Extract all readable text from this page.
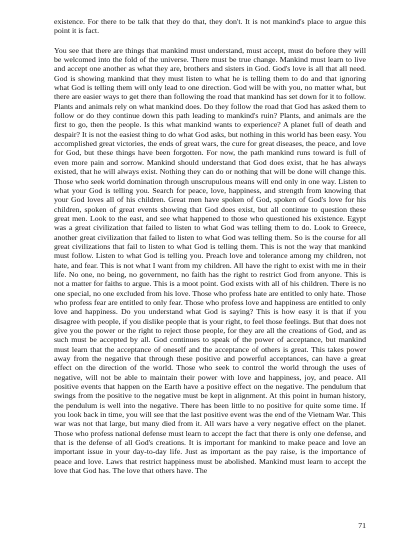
existence. For there to be talk that they do that, they don't. It is not mankind's place to argue this point it is fact.

You see that there are things that mankind must understand, must accept, must do before they will be welcomed into the fold of the universe. There must be true change. Mankind must learn to live and accept one another as what they are, brothers and sisters in God. God's love is all that all need. God is showing mankind that they must listen to what he is telling them to do and that ignoring what God is telling them will only lead to one direction. God will be with you, no matter what, but there are easier ways to get there than following the road that mankind has set down for it to follow. Plants and animals rely on what mankind does. Do they follow the road that God has asked them to follow or do they continue down this path leading to mankind's ruin? Plants, and animals are the first to go, then the people. Is this what mankind wants to experience? A planet full of death and despair? It is not the easiest thing to do what God asks, but nothing in this world has been easy. You accomplished great victories, the ends of great wars, the cure for great diseases, the peace, and love for God, but these things have been forgotten. For now, the path mankind runs toward is full of even more pain and sorrow. Mankind should understand that God does exist, that he has always existed, that he will always exist. Nothing they can do or nothing that will be done will change this. Those who seek world domination through unscrupulous means will end only in one way. Listen to what your God is telling you. Search for peace, love, happiness, and strength from knowing that your God loves all of his children. Great men have spoken of God, spoken of God's love for his children, spoken of great events showing that God does exist, but all continue to question these great men. Look to the east, and see what happened to those who questioned his existence. Egypt was a great civilization that failed to listen to what God was telling them to do. Look to Greece, another great civilization that failed to listen to what God was telling them. So is the course for all great civilizations that fail to listen to what God is telling them. This is not the way that mankind must follow. Listen to what God is telling you. Preach love and tolerance among my children, not hate, and fear. This is not what I want from my children. All have the right to exist with me in their life. No one, no being, no government, no faith has the right to restrict God from anyone. This is not a matter for faiths to argue. This is a moot point. God exists with all of his children. There is no one special, no one excluded from his love. Those who profess hate are entitled to only hate. Those who profess fear are entitled to only fear. Those who profess love and happiness are entitled to only love and happiness. Do you understand what God is saying? This is how easy it is that if you disagree with people, if you dislike people that is your right, to feel those feelings. But that does not give you the power or the right to reject those people, for they are all the creations of God, and as such must be accepted by all. God continues to speak of the power of acceptance, but mankind must learn that the acceptance of oneself and the acceptance of others is great. This takes power away from the negative that through these positive and powerful acceptances, can have a great effect on the direction of the world. Those who seek to control the world through the uses of negative, will not be able to maintain their power with love and happiness, joy, and peace. All positive events that happen on the Earth have a positive effect on the negative. The pendulum that swings from the positive to the negative must be kept in alignment. At this point in human history, the pendulum is well into the negative. There has been little to no positive for quite some time. If you look back in time, you will see that the last positive event was the end of the Vietnam War. This war was not that large, but many died from it. All wars have a very negative effect on the planet. Those who profess national defense must learn to accept the fact that there is only one defense, and that is the defense of all God's creations. It is important for mankind to make peace and love an important issue in your day-to-day life. Just as important as the pay raise, is the importance of peace and love. Laws that restrict happiness must be abolished. Mankind must learn to accept the love that God has. The love that others have. The

71
